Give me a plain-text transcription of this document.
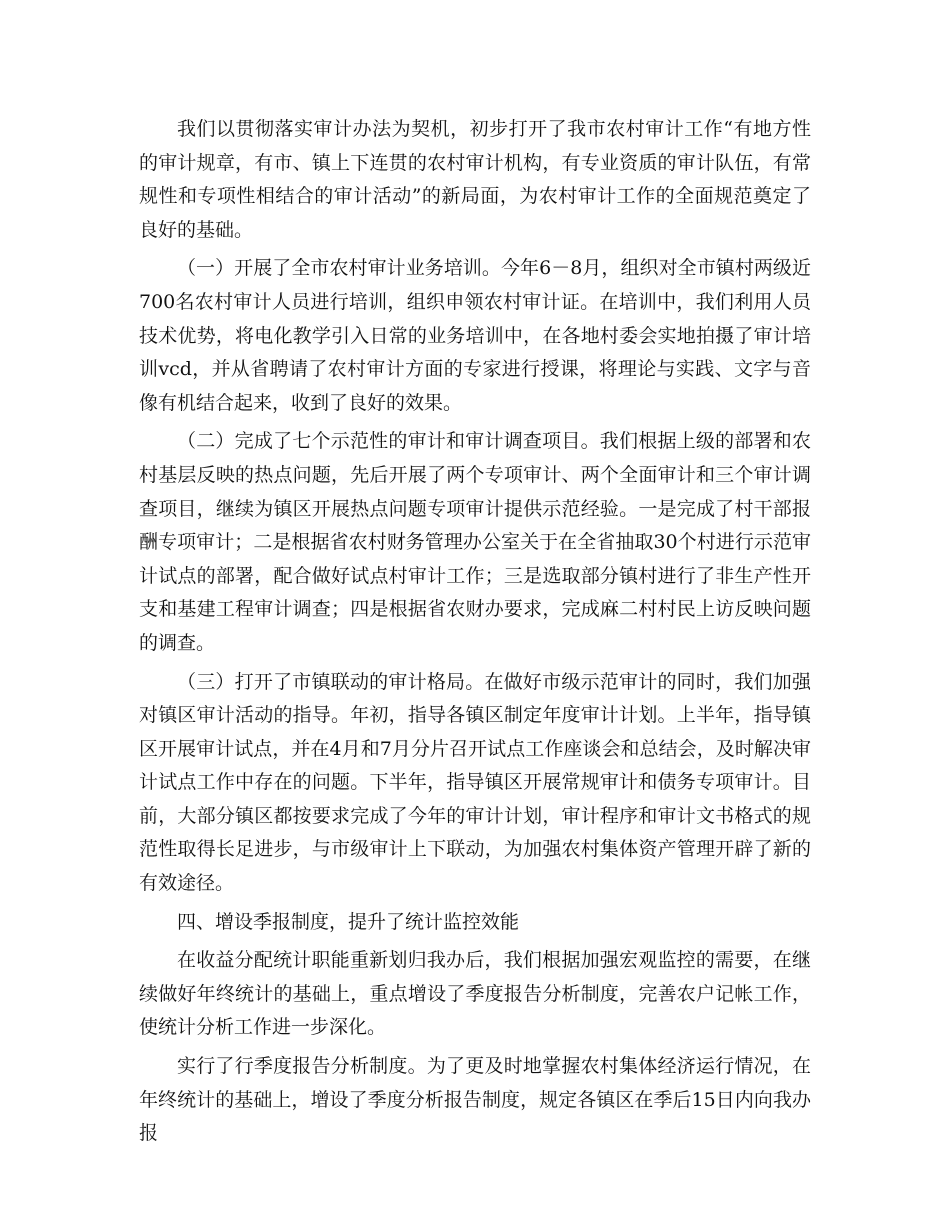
我们以贯彻落实审计办法为契机，初步打开了我市农村审计工作“有地方性的审计规章，有市、镇上下连贯的农村审计机构，有专业资质的审计队伍，有常规性和专项性相结合的审计活动”的新局面，为农村审计工作的全面规范奠定了良好的基础。

（一）开展了全市农村审计业务培训。今年6－8月，组织对全市镇村两级近700名农村审计人员进行培训，组织申领农村审计证。在培训中，我们利用人员技术优势，将电化教学引入日常的业务培训中，在各地村委会实地拍摄了审计培训vcd，并从省聘请了农村审计方面的专家进行授课，将理论与实践、文字与音像有机结合起来，收到了良好的效果。

（二）完成了七个示范性的审计和审计调查项目。我们根据上级的部署和农村基层反映的热点问题，先后开展了两个专项审计、两个全面审计和三个审计调查项目，继续为镇区开展热点问题专项审计提供示范经验。一是完成了村干部报酬专项审计；二是根据省农村财务管理办公室关于在全省抽取30个村进行示范审计试点的部署，配合做好试点村审计工作；三是选取部分镇村进行了非生产性开支和基建工程审计调查；四是根据省农财办要求，完成麻二村村民上访反映问题的调查。

（三）打开了市镇联动的审计格局。在做好市级示范审计的同时，我们加强对镇区审计活动的指导。年初，指导各镇区制定年度审计计划。上半年，指导镇区开展审计试点，并在4月和7月分片召开试点工作座谈会和总结会，及时解决审计试点工作中存在的问题。下半年，指导镇区开展常规审计和债务专项审计。目前，大部分镇区都按要求完成了今年的审计计划，审计程序和审计文书格式的规范性取得长足进步，与市级审计上下联动，为加强农村集体资产管理开辟了新的有效途径。

四、增设季报制度，提升了统计监控效能

在收益分配统计职能重新划归我办后，我们根据加强宏观监控的需要，在继续做好年终统计的基础上，重点增设了季度报告分析制度，完善农户记帐工作，使统计分析工作进一步深化。

实行了行季度报告分析制度。为了更及时地掌握农村集体经济运行情况，在年终统计的基础上，增设了季度分析报告制度，规定各镇区在季后15日内向我办报
